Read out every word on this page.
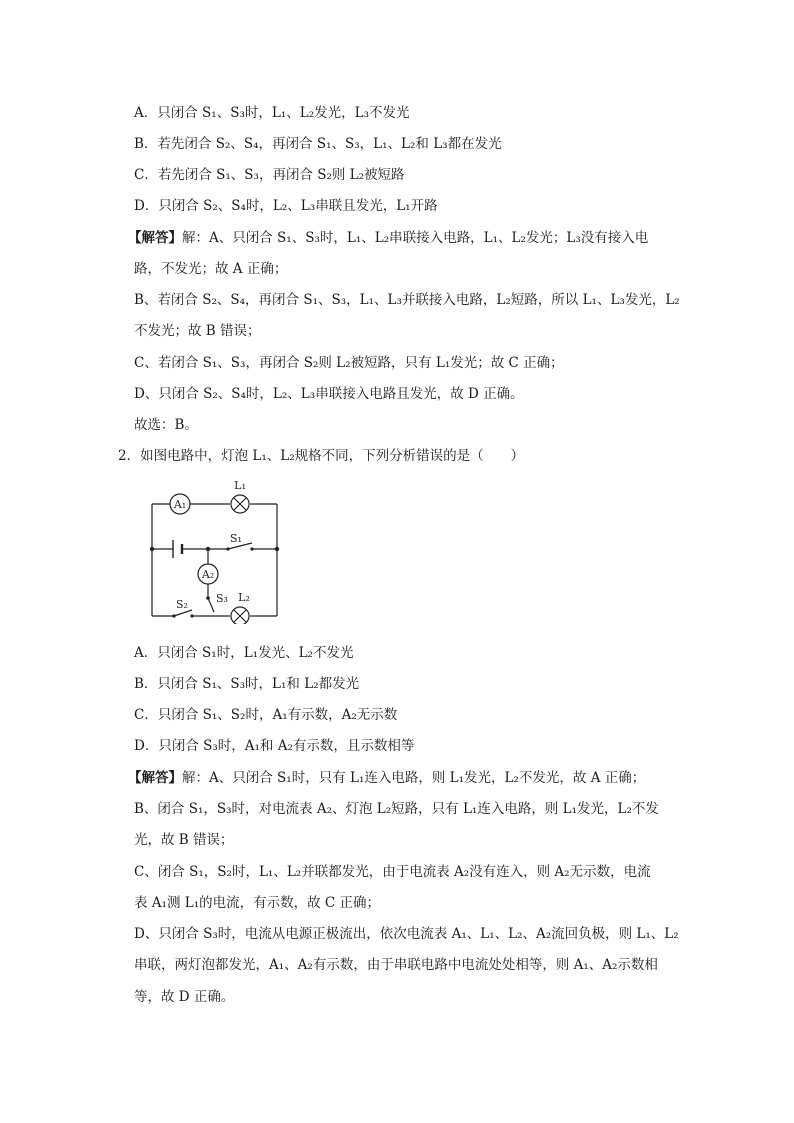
A．只闭合 S₁、S₃时，L₁、L₂发光，L₃不发光
B．若先闭合 S₂、S₄，再闭合 S₁、S₃，L₁、L₂和 L₃都在发光
C．若先闭合 S₁、S₃，再闭合 S₂则 L₂被短路
D．只闭合 S₂、S₄时，L₂、L₃串联且发光，L₁开路
【解答】解：A、只闭合 S₁、S₃时，L₁、L₂串联接入电路，L₁、L₂发光；L₃没有接入电
路，不发光；故 A 正确；
B、若闭合 S₂、S₄，再闭合 S₁、S₃，L₁、L₃并联接入电路，L₂短路，所以 L₁、L₃发光，L₂
不发光；故 B 错误；
C、若闭合 S₁、S₃，再闭合 S₂则 L₂被短路，只有 L₁发光；故 C 正确；
D、只闭合 S₂、S₄时，L₂、L₃串联接入电路且发光，故 D 正确。
故选：B。
2．如图电路中，灯泡 L₁、L₂规格不同，下列分析错误的是（　　）
A₁
L₁
S₁
A₂
S₃
S₂
L₂
A．只闭合 S₁时，L₁发光、L₂不发光
B．只闭合 S₁、S₃时，L₁和 L₂都发光
C．只闭合 S₁、S₂时，A₁有示数，A₂无示数
D．只闭合 S₃时，A₁和 A₂有示数，且示数相等
【解答】解：A、只闭合 S₁时，只有 L₁连入电路，则 L₁发光，L₂不发光，故 A 正确；
B、闭合 S₁，S₃时，对电流表 A₂、灯泡 L₂短路，只有 L₁连入电路，则 L₁发光，L₂不发
光，故 B 错误；
C、闭合 S₁，S₂时，L₁、L₂并联都发光，由于电流表 A₂没有连入，则 A₂无示数，电流
表 A₁测 L₁的电流，有示数，故 C 正确；
D、只闭合 S₃时，电流从电源正极流出，依次电流表 A₁、L₁、L₂、A₂流回负极，则 L₁、L₂
串联，两灯泡都发光，A₁、A₂有示数，由于串联电路中电流处处相等，则 A₁、A₂示数相
等，故 D 正确。
